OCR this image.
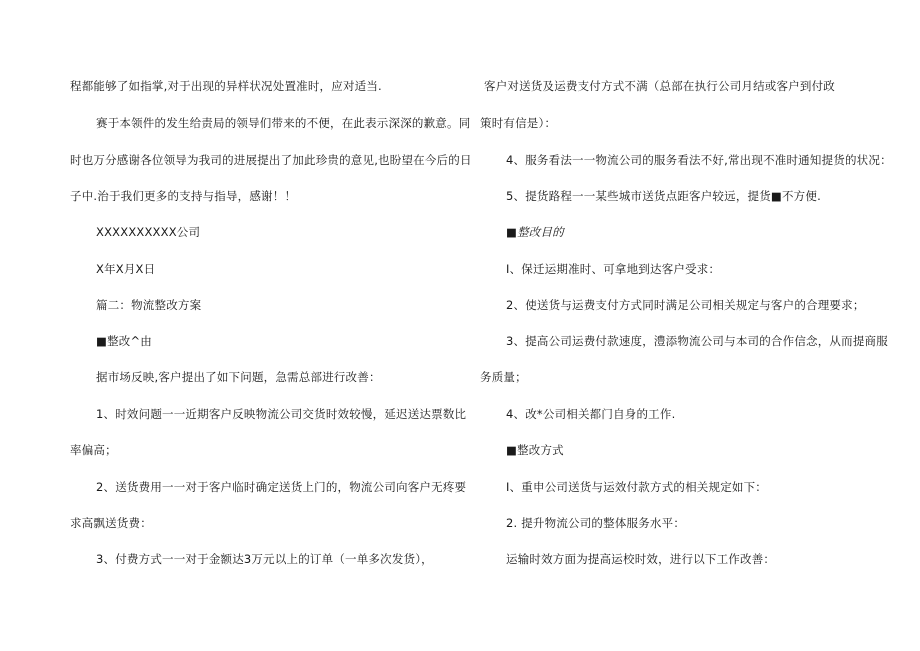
程都能够了如指掌,对于出现的异样状况处置准时，应对适当.
赛于本领件的发生给责局的领导们带来的不便，在此表示深深的歉意。同
时也万分感谢各位领导为我司的进展提出了加此珍贵的意见,也盼望在今后的日
子中.治于我们更多的支持与指导，感谢！！
XXXXXXXXXX公司
X年X月X日
篇二：物流整改方案
■整改^由
据市场反映,客户提出了如下问题，急需总部进行改善：
1、时效问题一一近期客户反映物流公司交货时效较慢，延迟送达票数比
率偏高；
2、送货费用一一对于客户临时确定送货上门的，物流公司向客户无疼要
求高飘送货费：
3、付费方式一一对于金额达3万元以上的订单（一单多次发货），
客户对送货及运费支付方式不满（总部在执行公司月结或客户到付政
策时有信是）：
4、服务看法一一物流公司的服务看法不好,常出现不准时通知提货的状况：
5、提货路程一一某些城市送货点距客户较远，提货■不方便.
■整改目的
I、保迁运期准时、可拿地到达客户受求：
2、使送货与运费支付方式同时满足公司相关规定与客户的合理要求；
3、提高公司运费付款速度，澧添物流公司与本司的合作信念，从而提商服
务质量；
4、改*公司相关都门自身的工作.
■整改方式
I、重申公司送货与运效付款方式的相关规定如下：
2. 提升物流公司的整体服务水平：
运输时效方面为提高运校时效，进行以下工作改善：
